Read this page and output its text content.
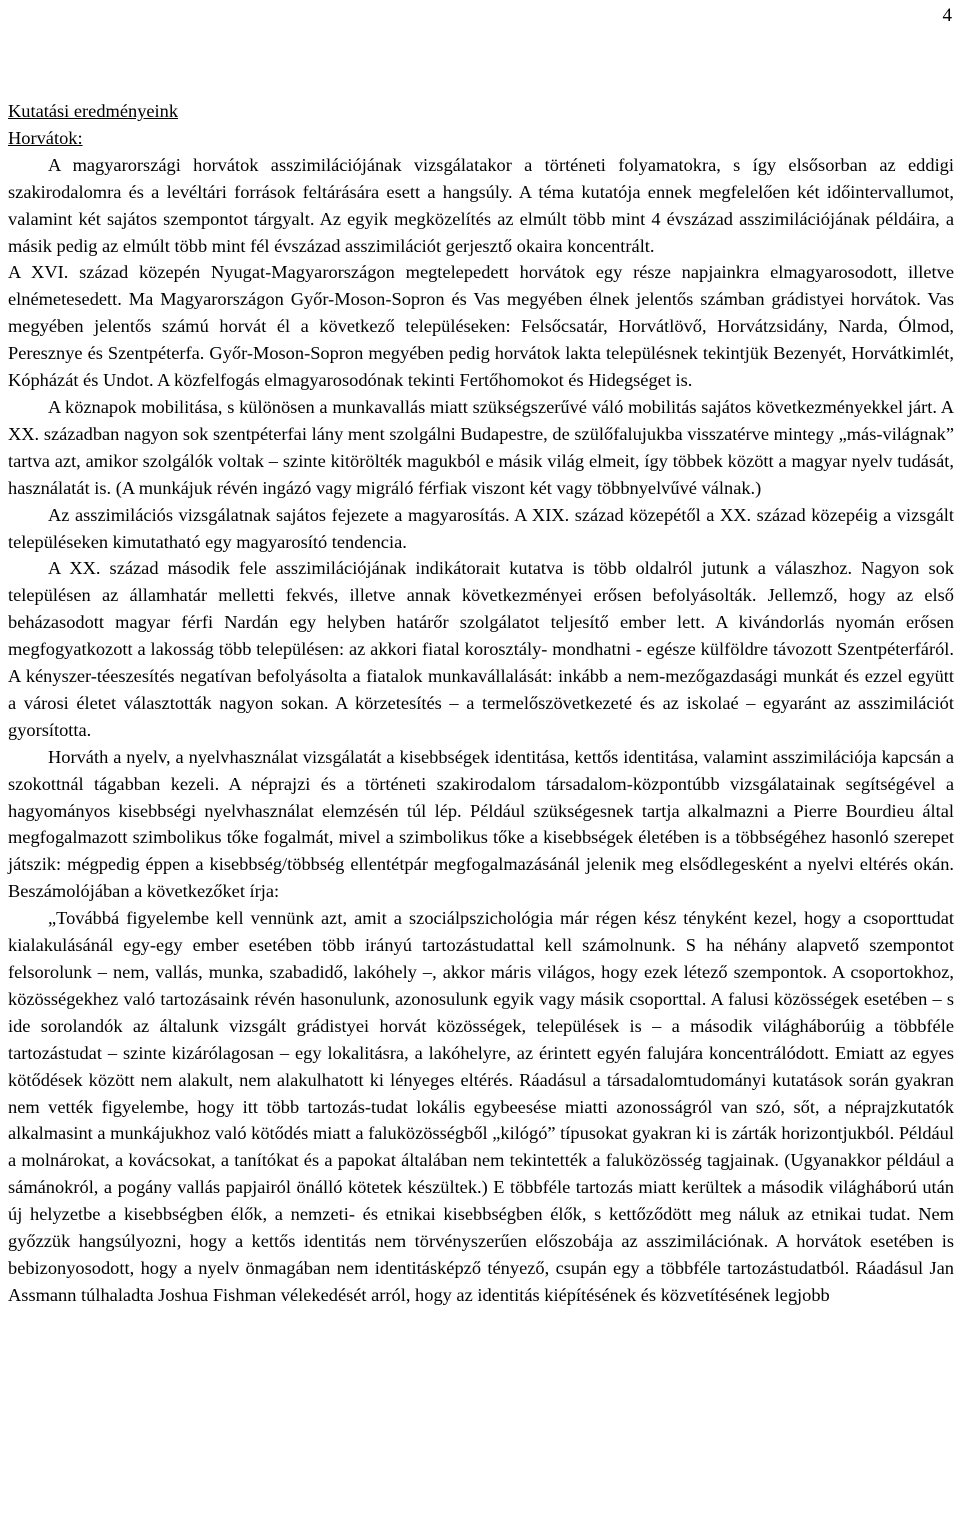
4
Kutatási eredményeink
Horvátok:

A magyarországi horvátok asszimilációjának vizsgálatakor a történeti folyamatokra, s így elsősorban az eddigi szakirodalomra és a levéltári források feltárására esett a hangsúly. A téma kutatója ennek megfelelően két időintervallumot, valamint két sajátos szempontot tárgyalt. Az egyik megközelítés az elmúlt több mint 4 évszázad asszimilációjának példáira, a másik pedig az elmúlt több mint fél évszázad asszimilációt gerjesztő okaira koncentrált.

A XVI. század közepén Nyugat-Magyarországon megtelepedett horvátok egy része napjainkra elmagyarosodott, illetve elnémetesedett. Ma Magyarországon Győr-Moson-Sopron és Vas megyében élnek jelentős számban grádistyei horvátok. Vas megyében jelentős számú horvát él a következő településeken: Felsőcsatár, Horvátlövő, Horvátzsidány, Narda, Ólmod, Peresznye és Szentpéterfa. Győr-Moson-Sopron megyében pedig horvátok lakta településnek tekintjük Bezenyét, Horvátkimlét, Kópházát és Undot. A közfelfogás elmagyarosodónak tekinti Fertőhomokot és Hidegséget is.

A köznapok mobilitása, s különösen a munkavallás miatt szükségszerűvé váló mobilitás sajátos következményekkel járt. A XX. században nagyon sok szentpéterfai lány ment szolgálni Budapestre, de szülőfalujukba visszatérve mintegy „más-világnak” tartva azt, amikor szolgálók voltak – szinte kitörölték magukból e másik világ elmeit, így többek között a magyar nyelv tudását, használatát is. (A munkájuk révén ingázó vagy migráló férfiak viszont két vagy többnyelvűvé válnak.)

Az asszimilációs vizsgálatnak sajátos fejezete a magyarosítás. A XIX. század közepétől a XX. század közepéig a vizsgált településeken kimutatható egy magyarosító tendencia.

A XX. század második fele asszimilációjának indikátorait kutatva is több oldalról jutunk a válaszhoz. Nagyon sok településen az államhatár melletti fekvés, illetve annak következményei erősen befolyásolták. Jellemző, hogy az első beházasodott magyar férfi Nardán egy helyben határőr szolgálatot teljesítő ember lett. A kivándorlás nyomán erősen megfogyatkozott a lakosság több településen: az akkori fiatal korosztály- mondhatni - egésze külföldre távozott Szentpéterfáról. A kényszer-téeszesítés negatívan befolyásolta a fiatalok munkavállalását: inkább a nem-mezőgazdasági munkát és ezzel együtt a városi életet választották nagyon sokan. A körzetesítés – a termelőszövetkezeté és az iskolaé – egyaránt az asszimilációt gyorsította.

Horváth a nyelv, a nyelvhasználat vizsgálatát a kisebbségek identitása, kettős identitása, valamint asszimilációja kapcsán a szokottnál tágabban kezeli. A néprajzi és a történeti szakirodalom társadalom-központúbb vizsgálatainak segítségével a hagyományos kisebbségi nyelvhasználat elemzésén túl lép. Például szükségesnek tartja alkalmazni a Pierre Bourdieu által megfogalmazott szimbolikus tőke fogalmát, mivel a szimbolikus tőke a kisebbségek életében is a többségéhez hasonló szerepet játszik: mégpedig éppen a kisebbség/többség ellentétpár megfogalmazásánál jelenik meg elsődlegesként a nyelvi eltérés okán. Beszámolójában a következőket írja:

„Továbbá figyelembe kell vennünk azt, amit a szociálpszichológia már régen kész tényként kezel, hogy a csoporttudat kialakulásánál egy-egy ember esetében több irányú tartozástudattal kell számolnunk. S ha néhány alapvető szempontot felsorolunk – nem, vallás, munka, szabadidő, lakóhely –, akkor máris világos, hogy ezek létező szempontok. A csoportokhoz, közösségekhez való tartozásaink révén hasonulunk, azonosulunk egyik vagy másik csoporttal. A falusi közösségek esetében – s ide sorolandók az általunk vizsgált grádistyei horvát közösségek, települések is – a második világháborúig a többféle tartozástudat – szinte kizárólagosan – egy lokalitásra, a lakóhelyre, az érintett egyén falujára koncentrálódott. Emiatt az egyes kötődések között nem alakult, nem alakulhatott ki lényeges eltérés. Ráadásul a társadalomtudományi kutatások során gyakran nem vették figyelembe, hogy itt több tartozás-tudat lokális egybeesése miatti azonosságról van szó, sőt, a néprajzkutatók alkalmasint a munkájukhoz való kötődés miatt a faluközösségből „kilógó” típusokat gyakran ki is zárták horizontjukból. Például a molnárokat, a kovácsokat, a tanítókat és a papokat általában nem tekintették a faluközösség tagjainak. (Ugyanakkor például a sámánokról, a pogány vallás papjairól önálló kötetek készültek.) E többféle tartozás miatt kerültek a második világháború után új helyzetbe a kisebbségben élők, a nemzeti- és etnikai kisebbségben élők, s kettőződött meg náluk az etnikai tudat. Nem győzzük hangsúlyozni, hogy a kettős identitás nem törvényszerűen előszobája az asszimilációnak. A horvátok esetében is bebizonyosodott, hogy a nyelv önmagában nem identitásképző tényező, csupán egy a többféle tartozástudatból. Ráadásul Jan Assmann túlhaladta Joshua Fishman vélekedését arról, hogy az identitás kiépítésének és közvetítésének legjobb
